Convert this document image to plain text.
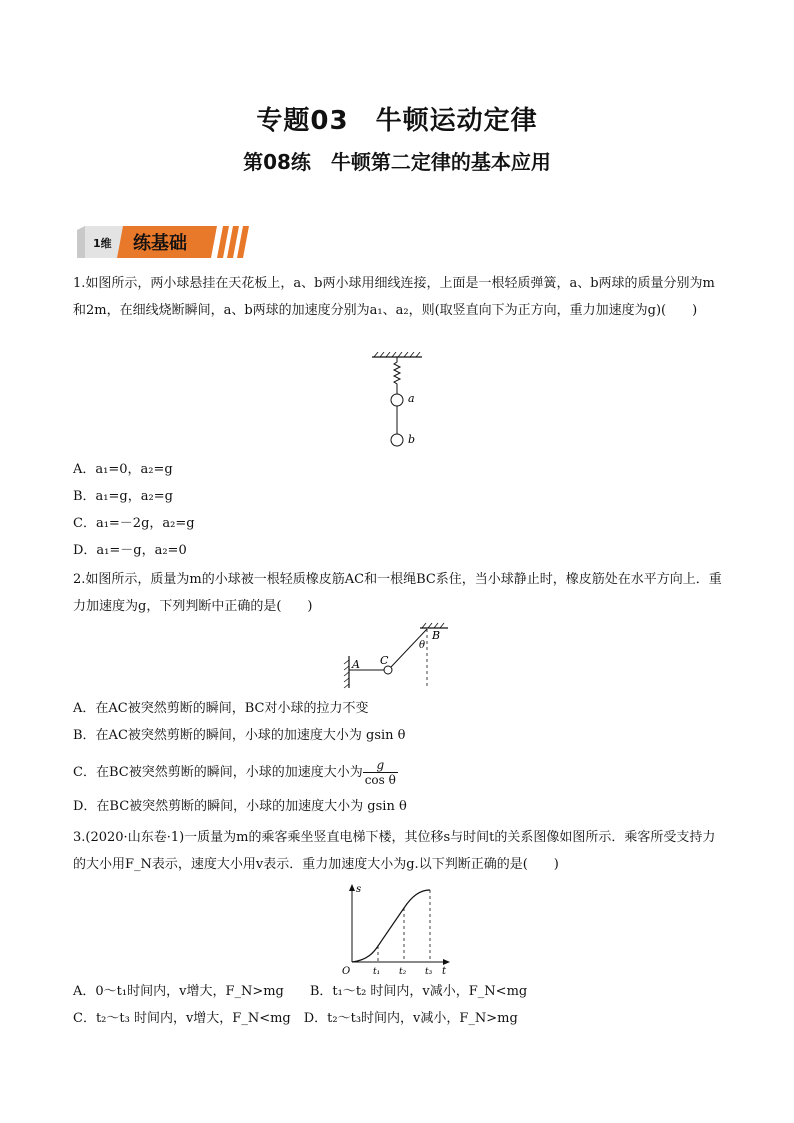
专题03　牛顿运动定律
第08练　牛顿第二定律的基本应用
1维 练基础
1.如图所示，两小球悬挂在天花板上，a、b两小球用细线连接，上面是一根轻质弹簧，a、b两球的质量分别为m和2m，在细线烧断瞬间，a、b两球的加速度分别为a₁、a₂，则(取竖直向下为正方向，重力加速度为g)(　　)
a
b
A．a₁=0，a₂=g
B．a₁=g，a₂=g
C．a₁=－2g，a₂=g
D．a₁=－g，a₂=0
2.如图所示，质量为m的小球被一根轻质橡皮筋AC和一根绳BC系住，当小球静止时，橡皮筋处在水平方向上．重力加速度为g，下列判断中正确的是(　　)
A C
B
θ
A．在AC被突然剪断的瞬间，BC对小球的拉力不变
B．在AC被突然剪断的瞬间，小球的加速度大小为 gsin θ
C．在BC被突然剪断的瞬间，小球的加速度大小为 $\frac{g}{\text{cos θ}}$
D．在BC被突然剪断的瞬间，小球的加速度大小为 gsin θ
3.(2020·山东卷·1)一质量为m的乘客乘坐竖直电梯下楼，其位移s与时间t的关系图像如图所示．乘客所受支持力的大小用F_N表示，速度大小用v表示．重力加速度大小为g.以下判断正确的是(　　)
s
t
O	t₁ t₂ t₃
A．0～t₁时间内，v增大，F_N>mg　　B．t₁～t₂ 时间内，v减小，F_N<mg
C．t₂～t₃ 时间内，v增大，F_N<mg　D．t₂～t₃时间内，v减小，F_N>mg
